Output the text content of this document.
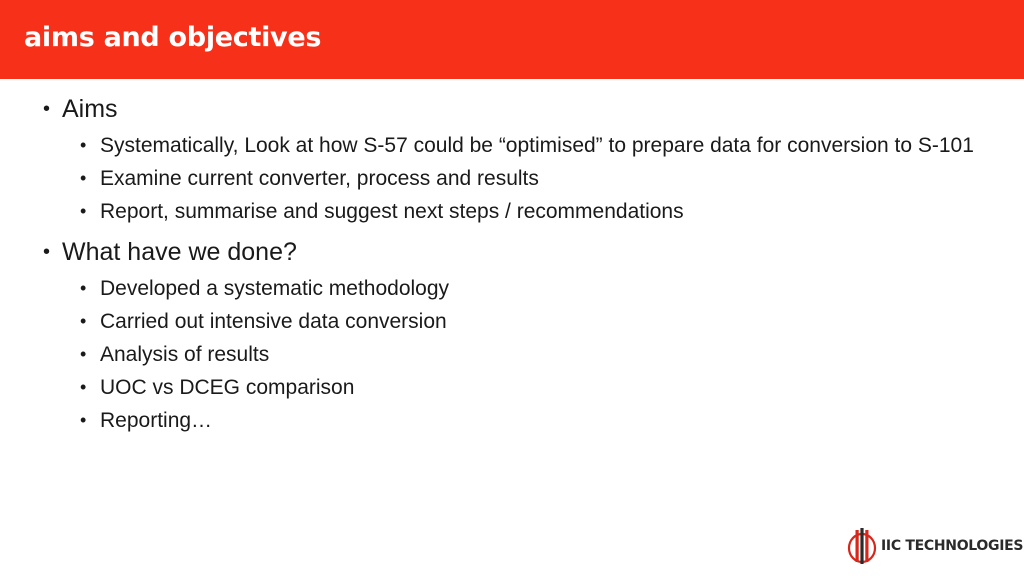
aims and objectives
• Aims
• Systematically, Look at how S-57 could be “optimised” to prepare data for conversion to S-101
• Examine current converter, process and results
• Report, summarise and suggest next steps / recommendations
• What have we done?
• Developed a systematic methodology
• Carried out intensive data conversion
• Analysis of results
• UOC vs DCEG comparison
• Reporting…
IIC TECHNOLOGIES
